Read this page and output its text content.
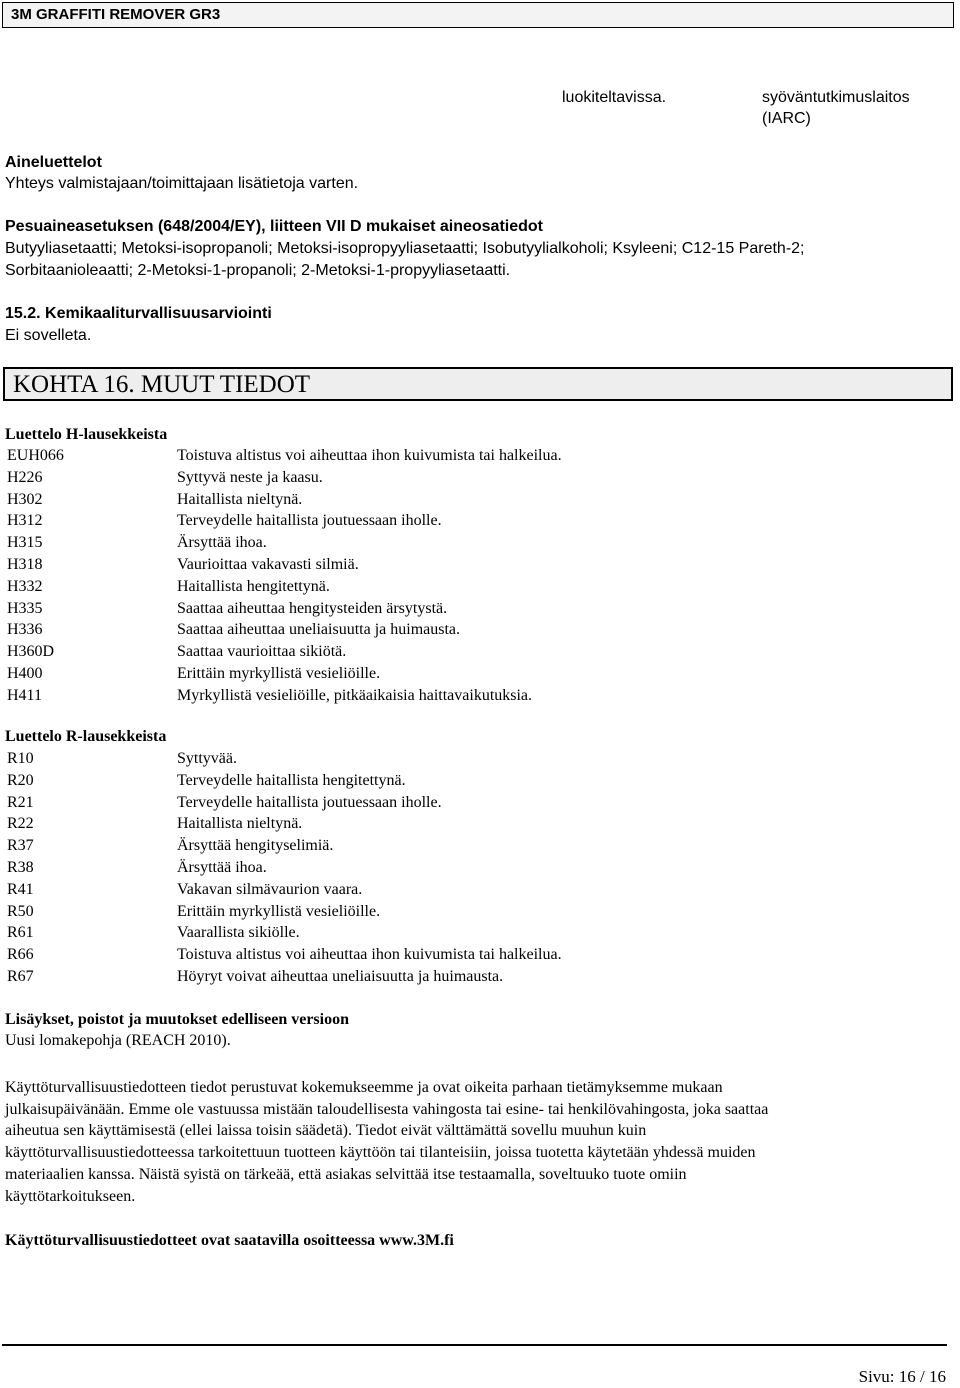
3M GRAFFITI REMOVER GR3
luokiteltavissa.	syöväntutkimuslaitos
(IARC)
Aineluettelot
Yhteys valmistajaan/toimittajaan lisätietoja varten.
Pesuaineasetuksen (648/2004/EY), liitteen VII D mukaiset aineosatiedot
Butyyliasetaatti; Metoksi-isopropanoli; Metoksi-isopropyyliasetaatti; Isobutyylialkoholi; Ksyleeni; C12-15 Pareth-2;
Sorbitaanioleaatti; 2-Metoksi-1-propanoli; 2-Metoksi-1-propyyliasetaatti.
15.2. Kemikaaliturvallisuusarviointi
Ei sovelleta.
KOHTA 16. MUUT TIEDOT
Luettelo H-lausekkeista
EUH066	Toistuva altistus voi aiheuttaa ihon kuivumista tai halkeilua.
H226	Syttyvä neste ja kaasu.
H302	Haitallista nieltynä.
H312	Terveydelle haitallista joutuessaan iholle.
H315	Ärsyttää ihoa.
H318	Vaurioittaa vakavasti silmiä.
H332	Haitallista hengitettynä.
H335	Saattaa aiheuttaa hengitysteiden ärsytystä.
H336	Saattaa aiheuttaa uneliaisuutta ja huimausta.
H360D	Saattaa vaurioittaa sikiötä.
H400	Erittäin myrkyllistä vesieliöille.
H411	Myrkyllistä vesieliöille, pitkäaikaisia haittavaikutuksia.
Luettelo R-lausekkeista
R10	Syttyvää.
R20	Terveydelle haitallista hengitettynä.
R21	Terveydelle haitallista joutuessaan iholle.
R22	Haitallista nieltynä.
R37	Ärsyttää hengityselimiä.
R38	Ärsyttää ihoa.
R41	Vakavan silmävaurion vaara.
R50	Erittäin myrkyllistä vesieliöille.
R61	Vaarallista sikiölle.
R66	Toistuva altistus voi aiheuttaa ihon kuivumista tai halkeilua.
R67	Höyryt voivat aiheuttaa uneliaisuutta ja huimausta.
Lisäykset, poistot ja muutokset edelliseen versioon
Uusi lomakepohja (REACH 2010).
Käyttöturvallisuustiedotteen tiedot perustuvat kokemukseemme ja ovat oikeita parhaan tietämyksemme mukaan
julkaisupäivänään. Emme ole vastuussa mistään taloudellisesta vahingosta tai esine- tai henkilövahingosta, joka saattaa
aiheutua sen käyttämisestä (ellei laissa toisin säädetä). Tiedot eivät välttämättä sovellu muuhun kuin
käyttöturvallisuustiedotteessa tarkoitettuun tuotteen käyttöön tai tilanteisiin, joissa tuotetta käytetään yhdessä muiden
materiaalien kanssa. Näistä syistä on tärkeää, että asiakas selvittää itse testaamalla, soveltuuko tuote omiin
käyttötarkoitukseen.
Käyttöturvallisuustiedotteet ovat saatavilla osoitteessa www.3M.fi
Sivu: 16 / 16
